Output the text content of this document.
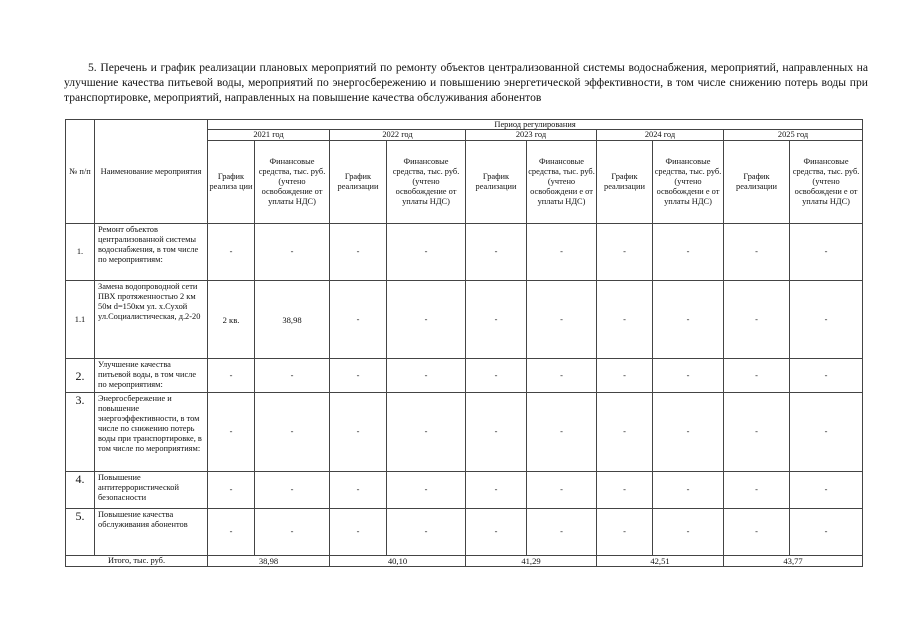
5. Перечень и график реализации плановых мероприятий по ремонту объектов централизованной системы водоснабжения, мероприятий, направленных на улучшение качества питьевой воды, мероприятий по энергосбережению и повышению энергетической эффективности, в том числе снижению потерь воды при транспортировке, мероприятий, направленных на повышение качества обслуживания абонентов
№ п/п	Наименование мероприятия	Период регулирования									
		2021 год		2022 год		2023 год		2024 год		2025 год	
		График реализа ции	Финансовые средства, тыс. руб. (учтено освобождение от уплаты НДС)	График реализации	Финансовые средства, тыс. руб. (учтено освобождение от уплаты НДС)	График реализации	Финансовые средства, тыс. руб. (учтено освобождени е от уплаты НДС)	График реализации	Финансовые средства, тыс. руб. (учтено освобождени е от уплаты НДС)	График реализации	Финансовые средства, тыс. руб. (учтено освобождени е от уплаты НДС)
1.	Ремонт объектов централизованной системы водоснабжения, в том числе по мероприятиям:	-	-	-	-	-	-	-	-	-	-
1.1	Замена водопроводной сети ПВХ протяженностью 2 км 50м d=150км ул. х.Сухой ул.Социалистическая, д.2-20	2 кв.	38,98	-	-	-	-	-	-	-	-
2.	Улучшение качества питьевой воды, в том числе по мероприятиям:	-	-	-	-	-	-	-	-	-	-
3.	Энергосбережение и повышение энергоэффективности, в том числе по снижению потерь воды при транспортировке, в том числе по мероприятиям:	-	-	-	-	-	-	-	-	-	-
4.	Повышение антитеррористической безопасности	-	-	-	-	-	-	-	-	-	-
5.	Повышение качества обслуживания абонентов	-	-	-	-	-	-	-	-	-	-
Итого, тыс. руб.		38,98		40,10		41,29		42,51		43,77	
